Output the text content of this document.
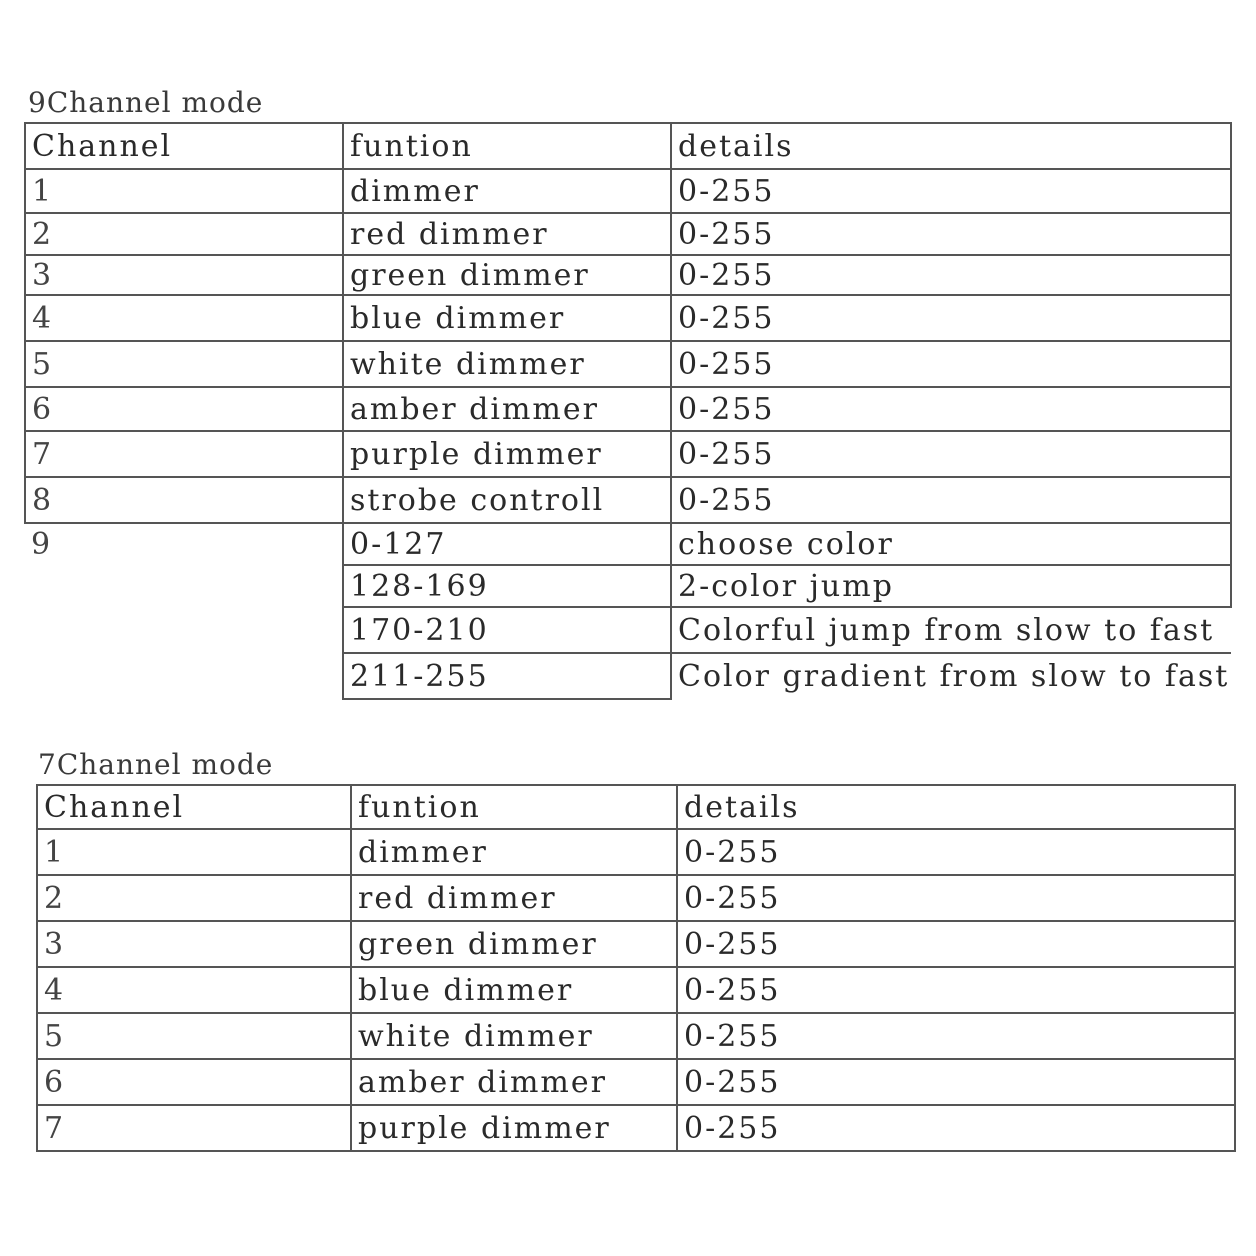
9Channel mode
Channel	funtion	details
1	dimmer	0-255
2	red dimmer	0-255
3	green dimmer	0-255
4	blue dimmer	0-255
5	white dimmer	0-255
6	amber dimmer	0-255
7	purple dimmer	0-255
8	strobe controll	0-255
9	0-127	choose color
	128-169	2-color jump
	170-210	Colorful jump from slow to fast
	211-255	Color gradient from slow to fast
7Channel mode
Channel	funtion	details
1	dimmer	0-255
2	red dimmer	0-255
3	green dimmer	0-255
4	blue dimmer	0-255
5	white dimmer	0-255
6	amber dimmer	0-255
7	purple dimmer	0-255
